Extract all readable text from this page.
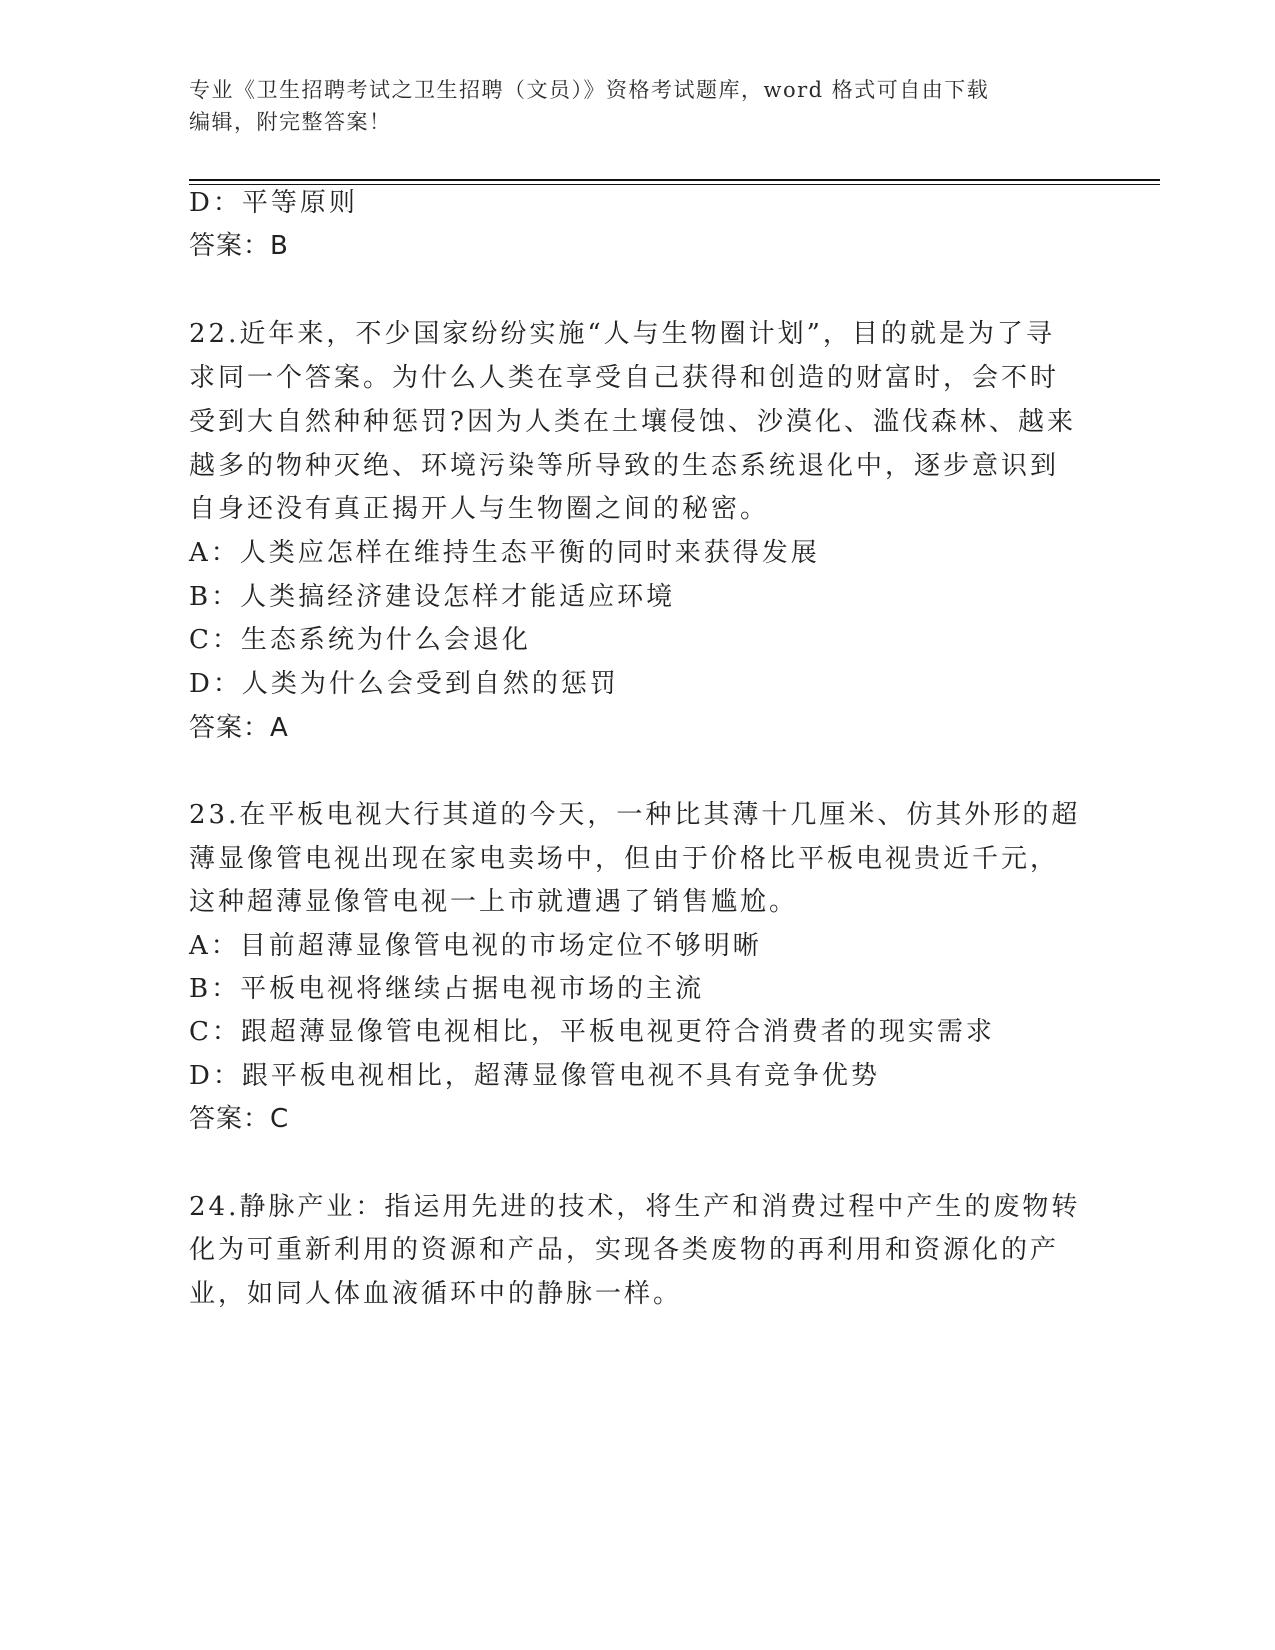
专业《卫生招聘考试之卫生招聘（文员）》资格考试题库，word 格式可自由下载
编辑，附完整答案！
D：平等原则
答案：B
22.近年来，不少国家纷纷实施“人与生物圈计划”，目的就是为了寻
求同一个答案。为什么人类在享受自己获得和创造的财富时，会不时
受到大自然种种惩罚?因为人类在土壤侵蚀、沙漠化、滥伐森林、越来
越多的物种灭绝、环境污染等所导致的生态系统退化中，逐步意识到
自身还没有真正揭开人与生物圈之间的秘密。
A：人类应怎样在维持生态平衡的同时来获得发展
B：人类搞经济建设怎样才能适应环境
C：生态系统为什么会退化
D：人类为什么会受到自然的惩罚
答案：A
23.在平板电视大行其道的今天，一种比其薄十几厘米、仿其外形的超
薄显像管电视出现在家电卖场中，但由于价格比平板电视贵近千元，
这种超薄显像管电视一上市就遭遇了销售尴尬。
A：目前超薄显像管电视的市场定位不够明晰
B：平板电视将继续占据电视市场的主流
C：跟超薄显像管电视相比，平板电视更符合消费者的现实需求
D：跟平板电视相比，超薄显像管电视不具有竞争优势
答案：C
24.静脉产业：指运用先进的技术，将生产和消费过程中产生的废物转
化为可重新利用的资源和产品，实现各类废物的再利用和资源化的产
业，如同人体血液循环中的静脉一样。
